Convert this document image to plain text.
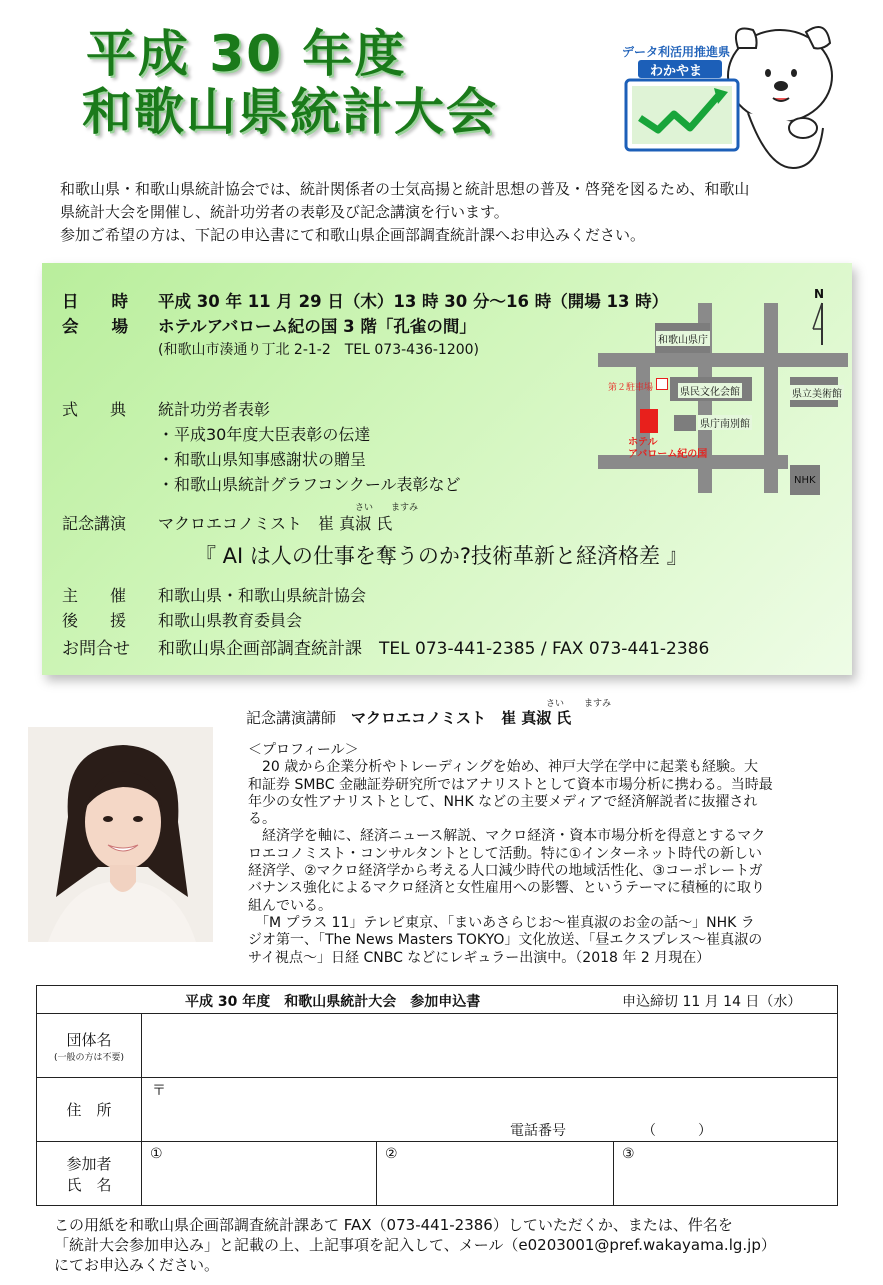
平成 30 年度
和歌山県統計大会
データ利活用推進県
わかやま
和歌山県・和歌山県統計協会では、統計関係者の士気高揚と統計思想の普及・啓発を図るため、和歌山
県統計大会を開催し、統計功労者の表彰及び記念講演を行います。
参加ご希望の方は、下記の申込書にて和歌山県企画部調査統計課へお申込みください。
日　　時 平成 30 年 11 月 29 日（木）13 時 30 分～16 時（開場 13 時）
会　　場 ホテルアバローム紀の国 3 階「孔雀の間」
(和歌山市湊通り丁北 2-1-2　TEL 073-436-1200)
式　　典 統計功労者表彰
・平成30年度大臣表彰の伝達
・和歌山県知事感謝状の贈呈
・和歌山県統計グラフコンクール表彰など
さい ますみ
記念講演 マクロエコノミスト　 崔 真淑 氏
『 AI は人の仕事を奪うのか?技術革新と経済格差 』
主　　催 和歌山県・和歌山県統計協会
後　　援 和歌山県教育委員会
お問合せ 和歌山県企画部調査統計課　TEL 073-441-2385 / FAX 073-441-2386
和歌山県庁
第２駐車場	県民文化会館	県立美術館
県庁南別館
ホテル
アバローム紀の国
NHK
N
さい ますみ
記念講演講師　 マクロエコノミスト　 崔 真淑 氏
＜プロフィール＞
　20 歳から企業分析やトレーディングを始め、神戸大学在学中に起業も経験。大
和証券 SMBC 金融証券研究所ではアナリストとして資本市場分析に携わる。当時最
年少の女性アナリストとして、NHK などの主要メディアで経済解説者に抜擢され
る。
　経済学を軸に、経済ニュース解説、マクロ経済・資本市場分析を得意とするマク
ロエコノミスト・コンサルタントとして活動。特に①インターネット時代の新しい
経済学、②マクロ経済学から考える人口減少時代の地域活性化、③コーポレートガ
バナンス強化によるマクロ経済と女性雇用への影響、というテーマに積極的に取り
組んでいる。
　「M プラス 11」テレビ東京、「まいあさらじお～崔真淑のお金の話～」NHK ラ
ジオ第一、「The News Masters TOKYO」文化放送、「昼エクスプレス～崔真淑の
サイ視点～」日経 CNBC などにレギュラー出演中。（2018 年 2 月現在）
平成 30 年度　和歌山県統計大会　参加申込書 申込締切 11 月 14 日（水）			

団体名
(一般の方は不要)			

住　所	〒
電話番号 （　　　）		

参加者
氏　名	①	②	③
この用紙を和歌山県企画部調査統計課あて FAX（073-441-2386）していただくか、または、件名を
「統計大会参加申込み」と記載の上、上記事項を記入して、メール（e0203001@pref.wakayama.lg.jp）
にてお申込みください。
